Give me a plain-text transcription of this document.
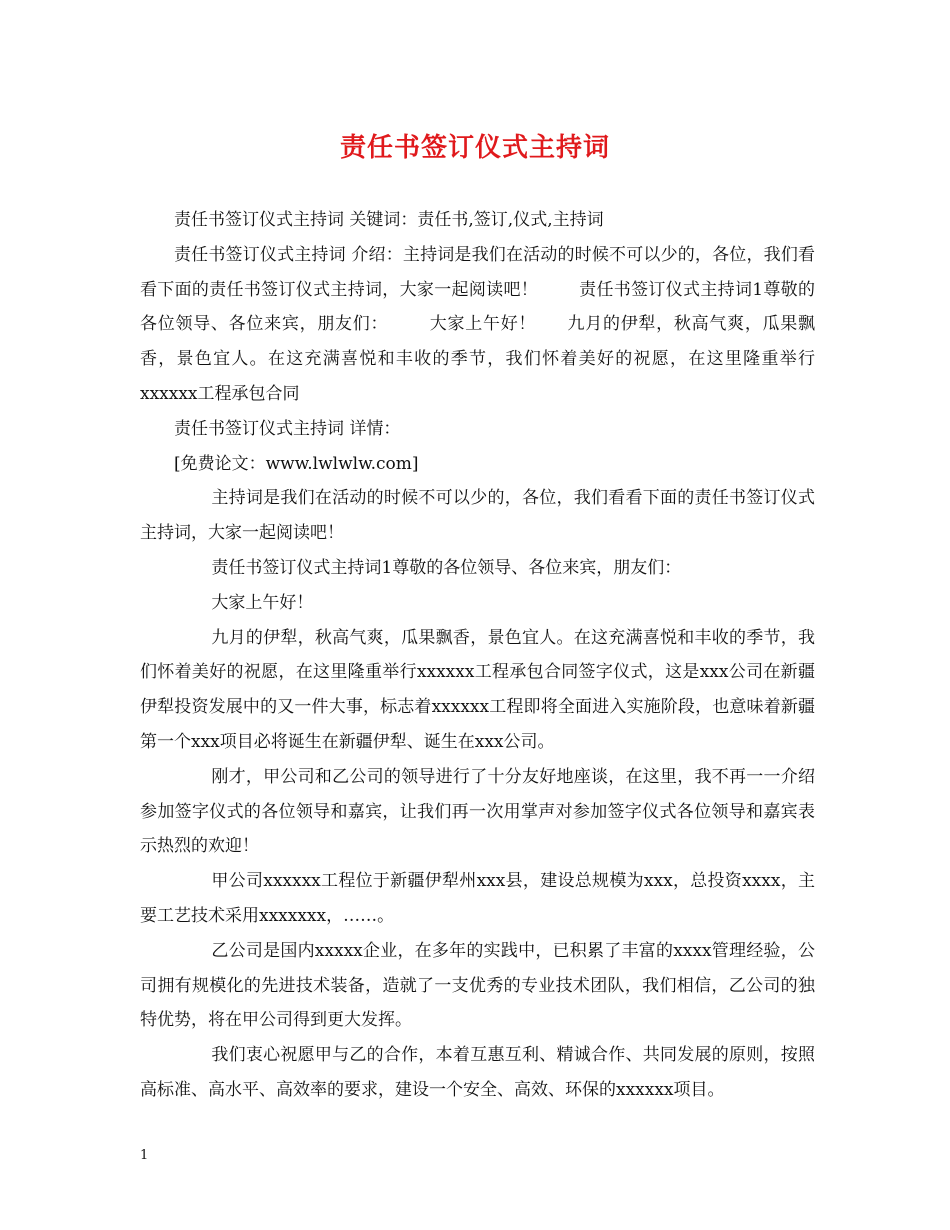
责任书签订仪式主持词

责任书签订仪式主持词 关键词：责任书,签订,仪式,主持词

责任书签订仪式主持词 介绍：主持词是我们在活动的时候不可以少的，各位，我们看看下面的责任书签订仪式主持词，大家一起阅读吧！ 责任书签订仪式主持词1尊敬的各位领导、各位来宾，朋友们： 大家上午好！ 九月的伊犁，秋高气爽，瓜果飘香，景色宜人。在这充满喜悦和丰收的季节，我们怀着美好的祝愿，在这里隆重举行xxxxxx工程承包合同

责任书签订仪式主持词 详情：

[免费论文：www.lwlwlw.com]

主持词是我们在活动的时候不可以少的，各位，我们看看下面的责任书签订仪式主持词，大家一起阅读吧！

责任书签订仪式主持词1尊敬的各位领导、各位来宾，朋友们：

大家上午好！

九月的伊犁，秋高气爽，瓜果飘香，景色宜人。在这充满喜悦和丰收的季节，我们怀着美好的祝愿，在这里隆重举行xxxxxx工程承包合同签字仪式，这是xxx公司在新疆伊犁投资发展中的又一件大事，标志着xxxxxx工程即将全面进入实施阶段，也意味着新疆第一个xxx项目必将诞生在新疆伊犁、诞生在xxx公司。

刚才，甲公司和乙公司的领导进行了十分友好地座谈，在这里，我不再一一介绍参加签字仪式的各位领导和嘉宾，让我们再一次用掌声对参加签字仪式各位领导和嘉宾表示热烈的欢迎！

甲公司xxxxxx工程位于新疆伊犁州xxx县，建设总规模为xxx，总投资xxxx，主要工艺技术采用xxxxxxx，……。

乙公司是国内xxxxx企业，在多年的实践中，已积累了丰富的xxxx管理经验，公司拥有规模化的先进技术装备，造就了一支优秀的专业技术团队，我们相信，乙公司的独特优势，将在甲公司得到更大发挥。

我们衷心祝愿甲与乙的合作，本着互惠互利、精诚合作、共同发展的原则，按照高标准、高水平、高效率的要求，建设一个安全、高效、环保的xxxxxx项目。

1
